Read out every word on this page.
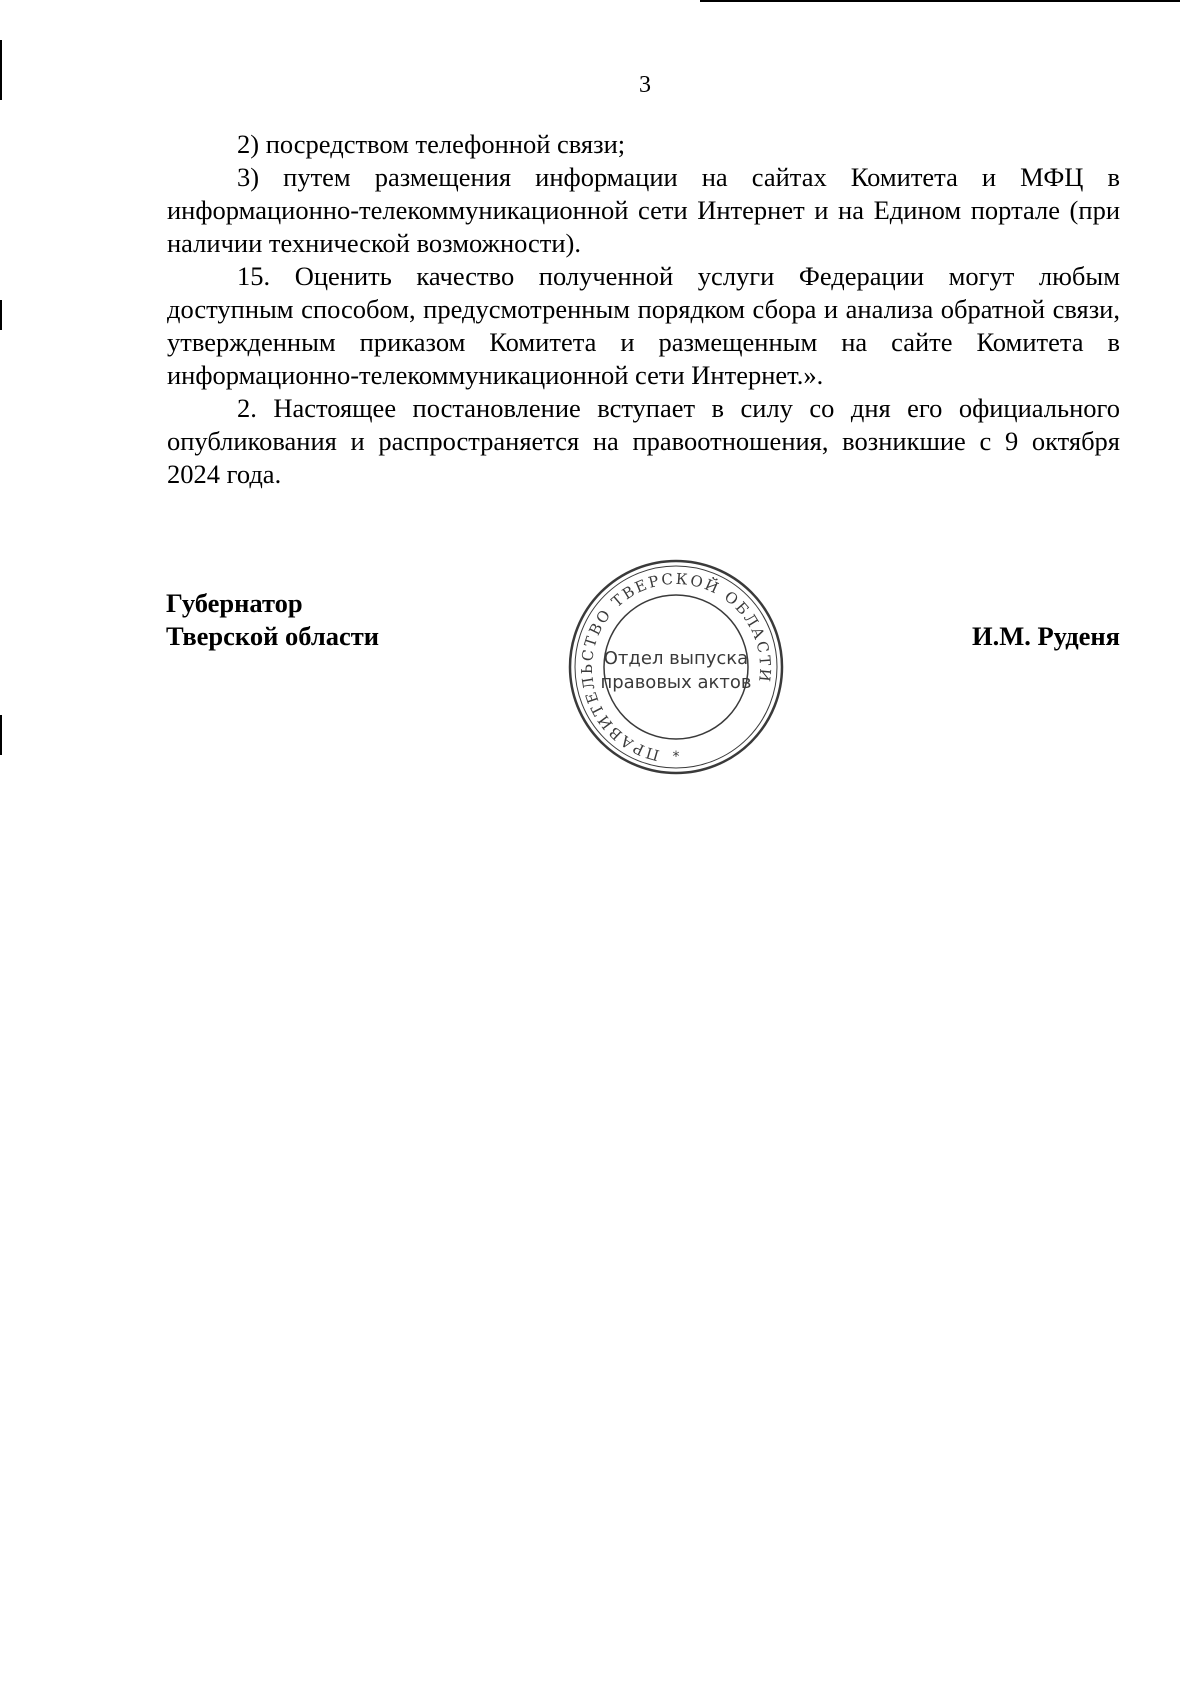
3

2) посредством телефонной связи;

3) путем размещения информации на сайтах Комитета и МФЦ в информационно-телекоммуникационной сети Интернет и на Едином портале (при наличии технической возможности).

15. Оценить качество полученной услуги Федерации могут любым доступным способом, предусмотренным порядком сбора и анализа обратной связи, утвержденным приказом Комитета и размещенным на сайте Комитета в информационно-телекоммуникационной сети Интернет.».

2. Настоящее постановление вступает в силу со дня его официального опубликования и распространяется на правоотношения, возникшие с 9 октября 2024 года.

Губернатор
Тверской области	И.М. Руденя
ПРАВИТЕЛЬСТВО ТВЕРСКОЙ ОБЛАСТИ
Отдел выпуска
правовых актов
*
